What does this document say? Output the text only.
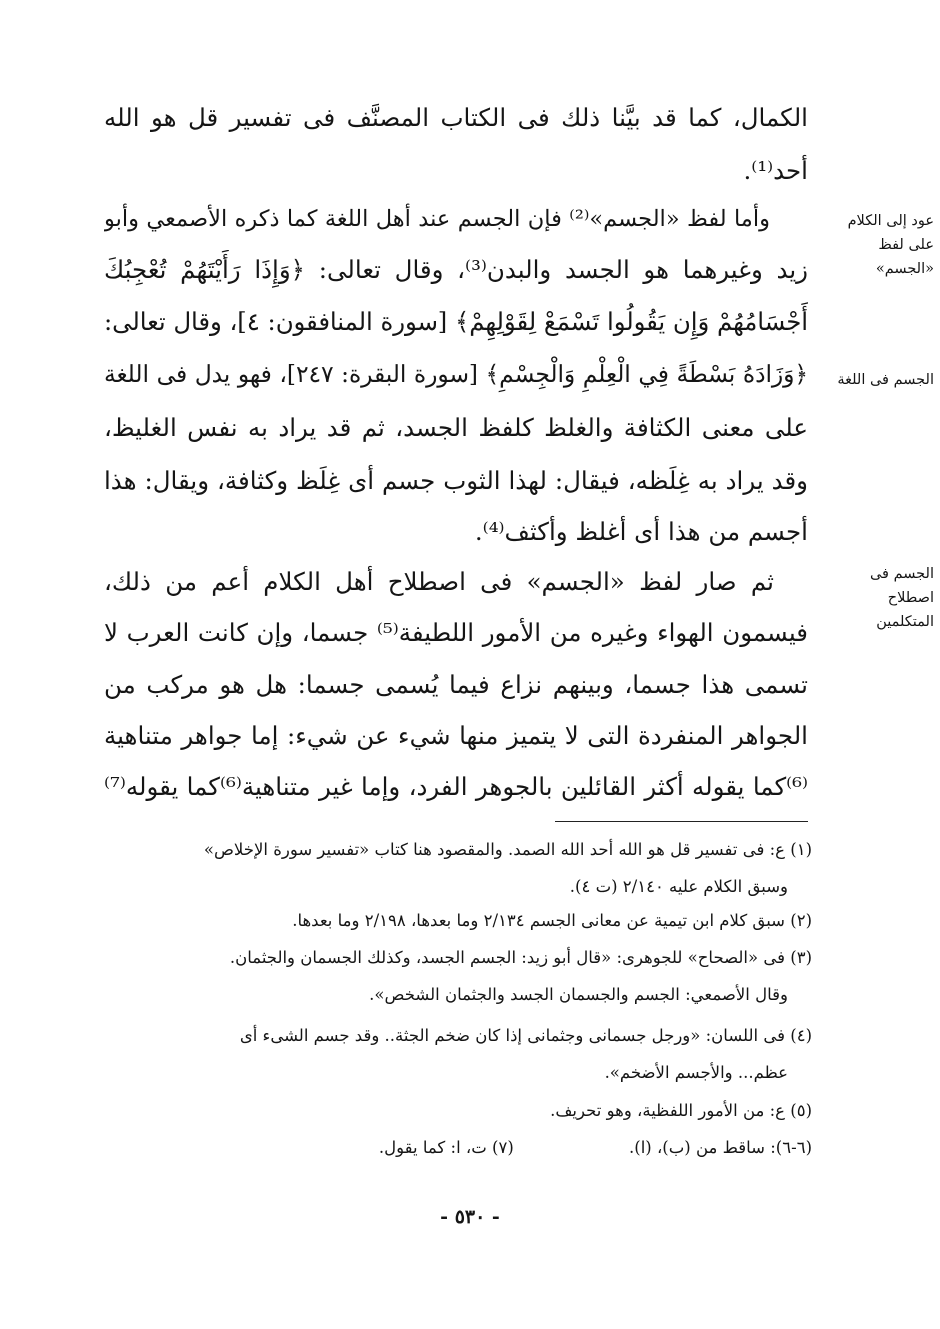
الكمال، كما قد بيَّنا ذلك فى الكتاب المصنَّف فى تفسير قل هو الله
أحد⁽¹⁾.
وأما لفظ «الجسم»⁽²⁾ فإن الجسم عند أهل اللغة كما ذكره الأصمعي وأبو
زيد وغيرهما هو الجسد والبدن⁽³⁾، وقال تعالى: ﴿وَإِذَا رَأَيْتَهُمْ تُعْجِبُكَ
أَجْسَامُهُمْ وَإِن يَقُولُوا تَسْمَعْ لِقَوْلِهِمْ﴾ [سورة المنافقون: ٤]، وقال تعالى:
﴿وَزَادَهُ بَسْطَةً فِي الْعِلْمِ وَالْجِسْمِ﴾ [سورة البقرة: ٢٤٧]، فهو يدل فى اللغة
على معنى الكثافة والغلظ كلفظ الجسد، ثم قد يراد به نفس الغليظ،
وقد يراد به غِلَظه، فيقال: لهذا الثوب جسم أى غِلَظ وكثافة، ويقال: هذا
أجسم من هذا أى أغلظ وأكثف⁽⁴⁾.
ثم صار لفظ «الجسم» فى اصطلاح أهل الكلام أعم من ذلك،
فيسمون الهواء وغيره من الأمور اللطيفة⁽⁵⁾ جسما، وإن كانت العرب لا
تسمى هذا جسما، وبينهم نزاع فيما يُسمى جسما: هل هو مركب من
الجواهر المنفردة التى لا يتميز منها شيء عن شيء: إما جواهر متناهية
⁽⁶⁾كما يقوله أكثر القائلين بالجوهر الفرد، وإما غير متناهية⁽⁶⁾كما يقوله⁽⁷⁾
عود إلى الكلام
على لفظ
«الجسم»
الجسم فى اللغة
الجسم فى
اصطلاح
المتكلمين
(١) ع: فى تفسير قل هو الله أحد الله الصمد. والمقصود هنا كتاب «تفسير سورة الإخلاص»
وسبق الكلام عليه ٢/١٤٠ (ت ٤).
(٢) سبق كلام ابن تيمية عن معانى الجسم ٢/١٣٤ وما بعدها، ٢/١٩٨ وما بعدها.
(٣) فى «الصحاح» للجوهرى: «قال أبو زيد: الجسم الجسد، وكذلك الجسمان والجثمان.
وقال الأصمعي: الجسم والجسمان الجسد والجثمان الشخص».
(٤) فى اللسان: «ورجل جسمانى وجثمانى إذا كان ضخم الجثة.. وقد جسم الشىء أى
عظم... والأجسم الأضخم».
(٥) ع: من الأمور اللفظية، وهو تحريف.
(٦-٦): ساقط من (ب)، (ا). (٧) ت، ا: كما يقول.
- ٥٣٠ -
